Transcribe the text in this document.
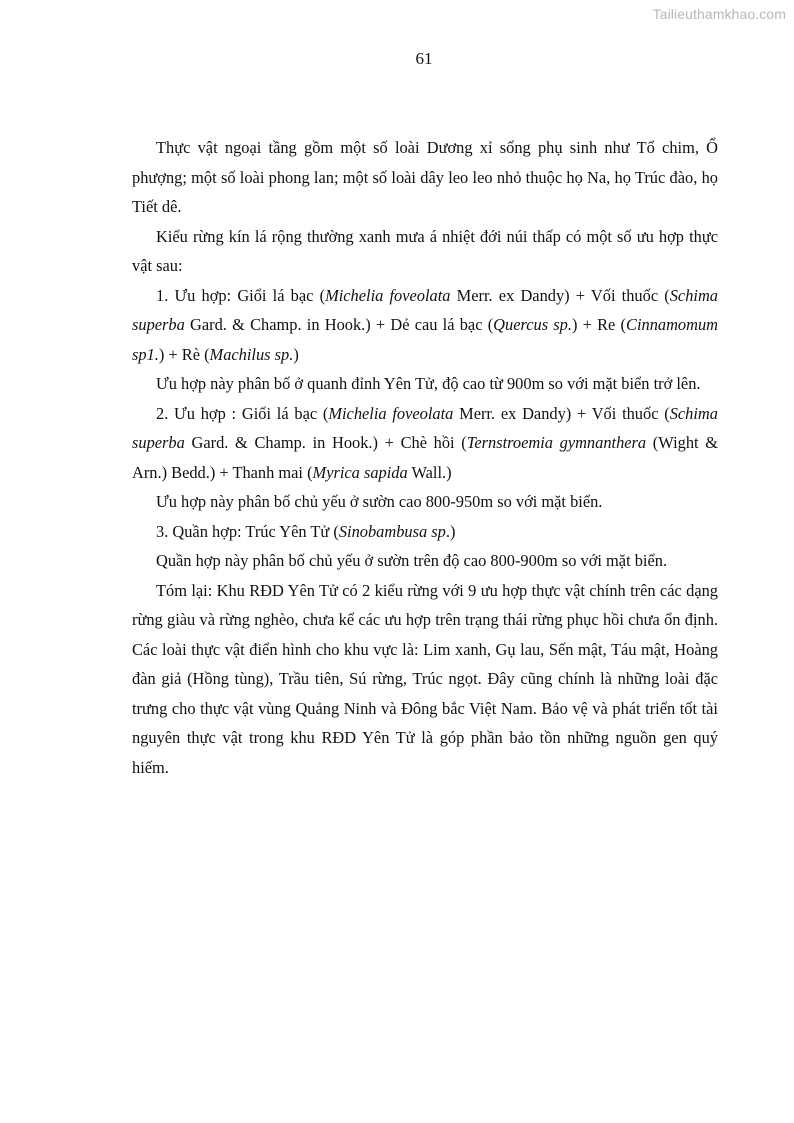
Tailieuthamkhao.com
61

Thực vật ngoại tầng gồm một số loài Dương xỉ sống phụ sinh như Tổ chim, Ổ phượng; một số loài phong lan; một số loài dây leo leo nhỏ thuộc họ Na, họ Trúc đào, họ Tiết dê.

Kiểu rừng kín lá rộng thường xanh mưa á nhiệt đới núi thấp có một số ưu hợp thực vật sau:

1. Ưu hợp: Giổi lá bạc (Michelia foveolata Merr. ex Dandy) + Vối thuốc (Schima superba Gard. & Champ. in Hook.) + Dẻ cau lá bạc (Quercus sp.) + Re (Cinnamomum sp1.) + Rè (Machilus sp.)

Ưu hợp này phân bố ở quanh đỉnh Yên Tử, độ cao từ 900m so với mặt biển trở lên.

2. Ưu hợp : Giổi lá bạc (Michelia foveolata Merr. ex Dandy) + Vối thuốc (Schima superba Gard. & Champ. in Hook.) + Chè hồi (Ternstroemia gymnanthera (Wight & Arn.) Bedd.) + Thanh mai (Myrica sapida Wall.)

Ưu hợp này phân bố chủ yếu ở sườn cao 800-950m so với mặt biển.

3. Quần hợp: Trúc Yên Tử (Sinobambusa sp.)

Quần hợp này phân bố chủ yếu ở sườn trên độ cao 800-900m so với mặt biển.

Tóm lại: Khu RĐD Yên Tử có 2 kiểu rừng với 9 ưu hợp thực vật chính trên các dạng rừng giàu và rừng nghèo, chưa kể các ưu hợp trên trạng thái rừng phục hồi chưa ổn định. Các loài thực vật điển hình cho khu vực là: Lim xanh, Gụ lau, Sến mật, Táu mật, Hoàng đàn giả (Hồng tùng), Trầu tiên, Sú rừng, Trúc ngọt. Đây cũng chính là những loài đặc trưng cho thực vật vùng Quảng Ninh và Đông bắc Việt Nam. Bảo vệ và phát triển tốt tài nguyên thực vật trong khu RĐD Yên Tử là góp phần bảo tồn những nguồn gen quý hiếm.
